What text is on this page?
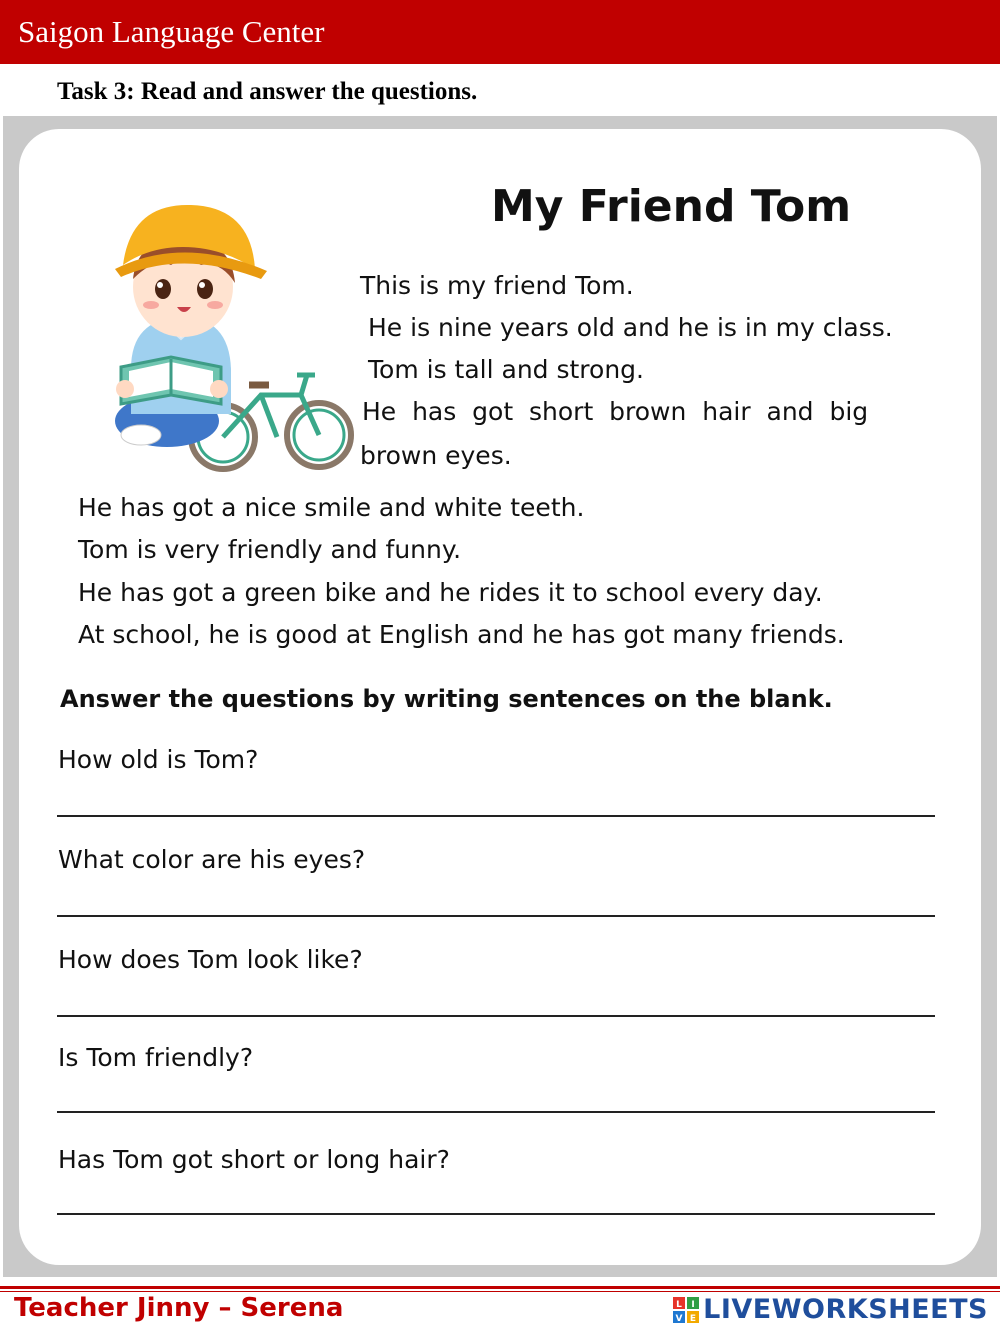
Saigon Language Center
Task 3: Read and answer the questions.
My Friend Tom
This is my friend Tom.
He is nine years old and he is in my class.
Tom is tall and strong.
He  has  got  short  brown  hair  and  big
brown eyes.
He has got a nice smile and white teeth.
Tom is very friendly and funny.
He has got a green bike and he rides it to school every day.
At school, he is good at English and he has got many friends.
Answer the questions by writing sentences on the blank.
How old is Tom?
What color are his eyes?
How does Tom look like?
Is Tom friendly?
Has Tom got short or long hair?
Teacher Jinny – Serena	L I
V E LIVEWORKSHEETS
